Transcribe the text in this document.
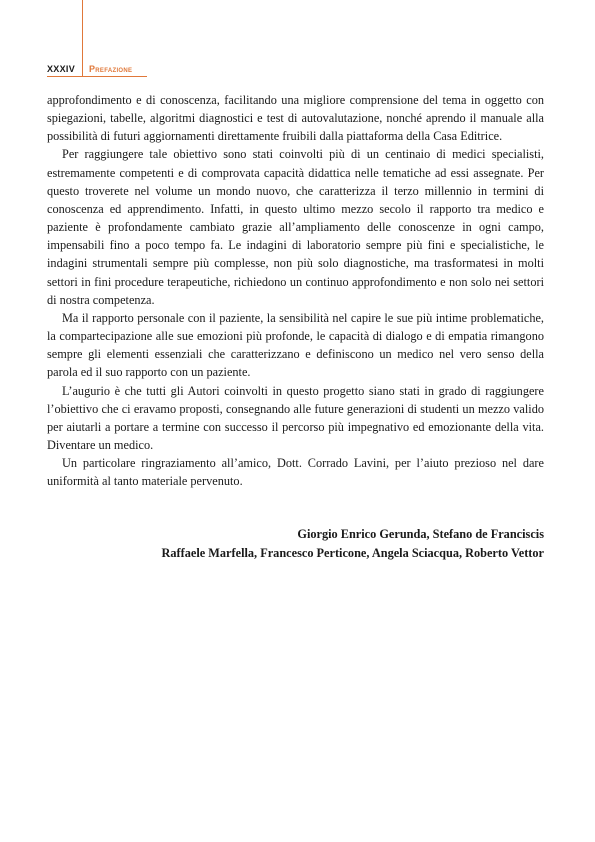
XXXIV Prefazione

approfondimento e di conoscenza, facilitando una migliore comprensione del tema in oggetto con spiegazioni, tabelle, algoritmi diagnostici e test di autovalutazione, nonché aprendo il manuale alla possibilità di futuri aggiornamenti direttamente fruibili dalla piattaforma della Casa Editrice.

Per raggiungere tale obiettivo sono stati coinvolti più di un centinaio di medici specialisti, estremamente competenti e di comprovata capacità didattica nelle tematiche ad essi assegnate. Per questo troverete nel volume un mondo nuovo, che caratterizza il terzo millennio in termini di conoscenza ed apprendimento. Infatti, in questo ultimo mezzo secolo il rapporto tra medico e paziente è profondamente cambiato grazie all’ampliamento delle conoscenze in ogni campo, impensabili fino a poco tempo fa. Le indagini di laboratorio sempre più fini e specialistiche, le indagini strumentali sempre più complesse, non più solo diagnostiche, ma trasformatesi in molti settori in fini procedure terapeutiche, richiedono un continuo approfondimento e non solo nei settori di nostra competenza.

Ma il rapporto personale con il paziente, la sensibilità nel capire le sue più intime problematiche, la compartecipazione alle sue emozioni più profonde, le capacità di dialogo e di empatia rimangono sempre gli elementi essenziali che caratterizzano e definiscono un medico nel vero senso della parola ed il suo rapporto con un paziente.

L’augurio è che tutti gli Autori coinvolti in questo progetto siano stati in grado di raggiungere l’obiettivo che ci eravamo proposti, consegnando alle future generazioni di studenti un mezzo valido per aiutarli a portare a termine con successo il percorso più impegnativo ed emozionante della vita. Diventare un medico.

Un particolare ringraziamento all’amico, Dott. Corrado Lavini, per l’aiuto prezioso nel dare uniformità al tanto materiale pervenuto.

Giorgio Enrico Gerunda, Stefano de Franciscis
Raffaele Marfella, Francesco Perticone, Angela Sciacqua, Roberto Vettor
